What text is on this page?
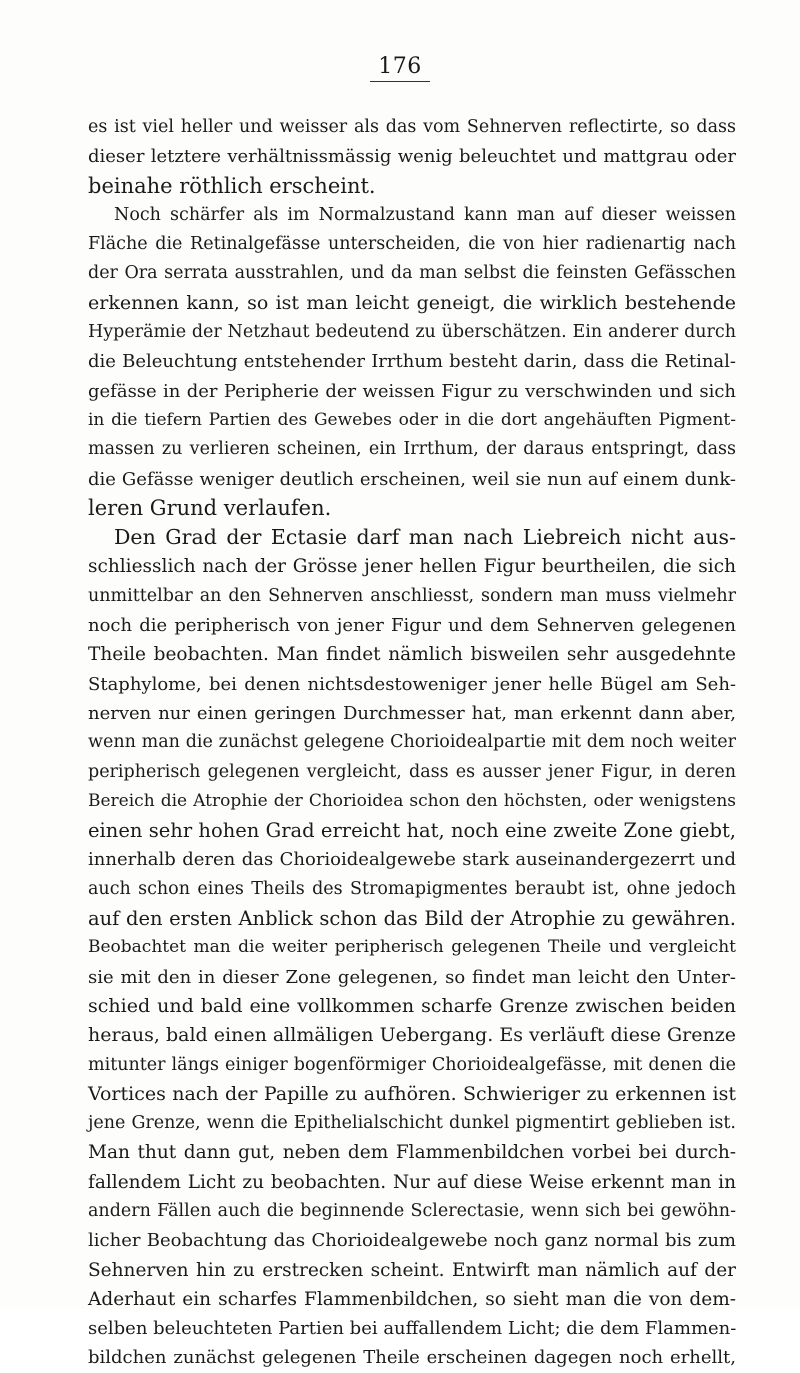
176
es ist viel heller und weisser als das vom Sehnerven reflectirte, so dass
dieser letztere verhältnissmässig wenig beleuchtet und mattgrau oder
beinahe röthlich erscheint.
Noch schärfer als im Normalzustand kann man auf dieser weissen
Fläche die Retinalgefässe unterscheiden, die von hier radienartig nach
der Ora serrata ausstrahlen, und da man selbst die feinsten Gefässchen
erkennen kann, so ist man leicht geneigt, die wirklich bestehende
Hyperämie der Netzhaut bedeutend zu überschätzen. Ein anderer durch
die Beleuchtung entstehender Irrthum besteht darin, dass die Retinal-
gefässe in der Peripherie der weissen Figur zu verschwinden und sich
in die tiefern Partien des Gewebes oder in die dort angehäuften Pigment-
massen zu verlieren scheinen, ein Irrthum, der daraus entspringt, dass
die Gefässe weniger deutlich erscheinen, weil sie nun auf einem dunk-
leren Grund verlaufen.
Den Grad der Ectasie darf man nach Liebreich nicht aus-
schliesslich nach der Grösse jener hellen Figur beurtheilen, die sich
unmittelbar an den Sehnerven anschliesst, sondern man muss vielmehr
noch die peripherisch von jener Figur und dem Sehnerven gelegenen
Theile beobachten. Man findet nämlich bisweilen sehr ausgedehnte
Staphylome, bei denen nichtsdestoweniger jener helle Bügel am Seh-
nerven nur einen geringen Durchmesser hat, man erkennt dann aber,
wenn man die zunächst gelegene Chorioidealpartie mit dem noch weiter
peripherisch gelegenen vergleicht, dass es ausser jener Figur, in deren
Bereich die Atrophie der Chorioidea schon den höchsten, oder wenigstens
einen sehr hohen Grad erreicht hat, noch eine zweite Zone giebt,
innerhalb deren das Chorioidealgewebe stark auseinandergezerrt und
auch schon eines Theils des Stromapigmentes beraubt ist, ohne jedoch
auf den ersten Anblick schon das Bild der Atrophie zu gewähren.
Beobachtet man die weiter peripherisch gelegenen Theile und vergleicht
sie mit den in dieser Zone gelegenen, so findet man leicht den Unter-
schied und bald eine vollkommen scharfe Grenze zwischen beiden
heraus, bald einen allmäligen Uebergang. Es verläuft diese Grenze
mitunter längs einiger bogenförmiger Chorioidealgefässe, mit denen die
Vortices nach der Papille zu aufhören. Schwieriger zu erkennen ist
jene Grenze, wenn die Epithelialschicht dunkel pigmentirt geblieben ist.
Man thut dann gut, neben dem Flammenbildchen vorbei bei durch-
fallendem Licht zu beobachten. Nur auf diese Weise erkennt man in
andern Fällen auch die beginnende Sclerectasie, wenn sich bei gewöhn-
licher Beobachtung das Chorioidealgewebe noch ganz normal bis zum
Sehnerven hin zu erstrecken scheint. Entwirft man nämlich auf der
Aderhaut ein scharfes Flammenbildchen, so sieht man die von dem-
selben beleuchteten Partien bei auffallendem Licht; die dem Flammen-
bildchen zunächst gelegenen Theile erscheinen dagegen noch erhellt,
